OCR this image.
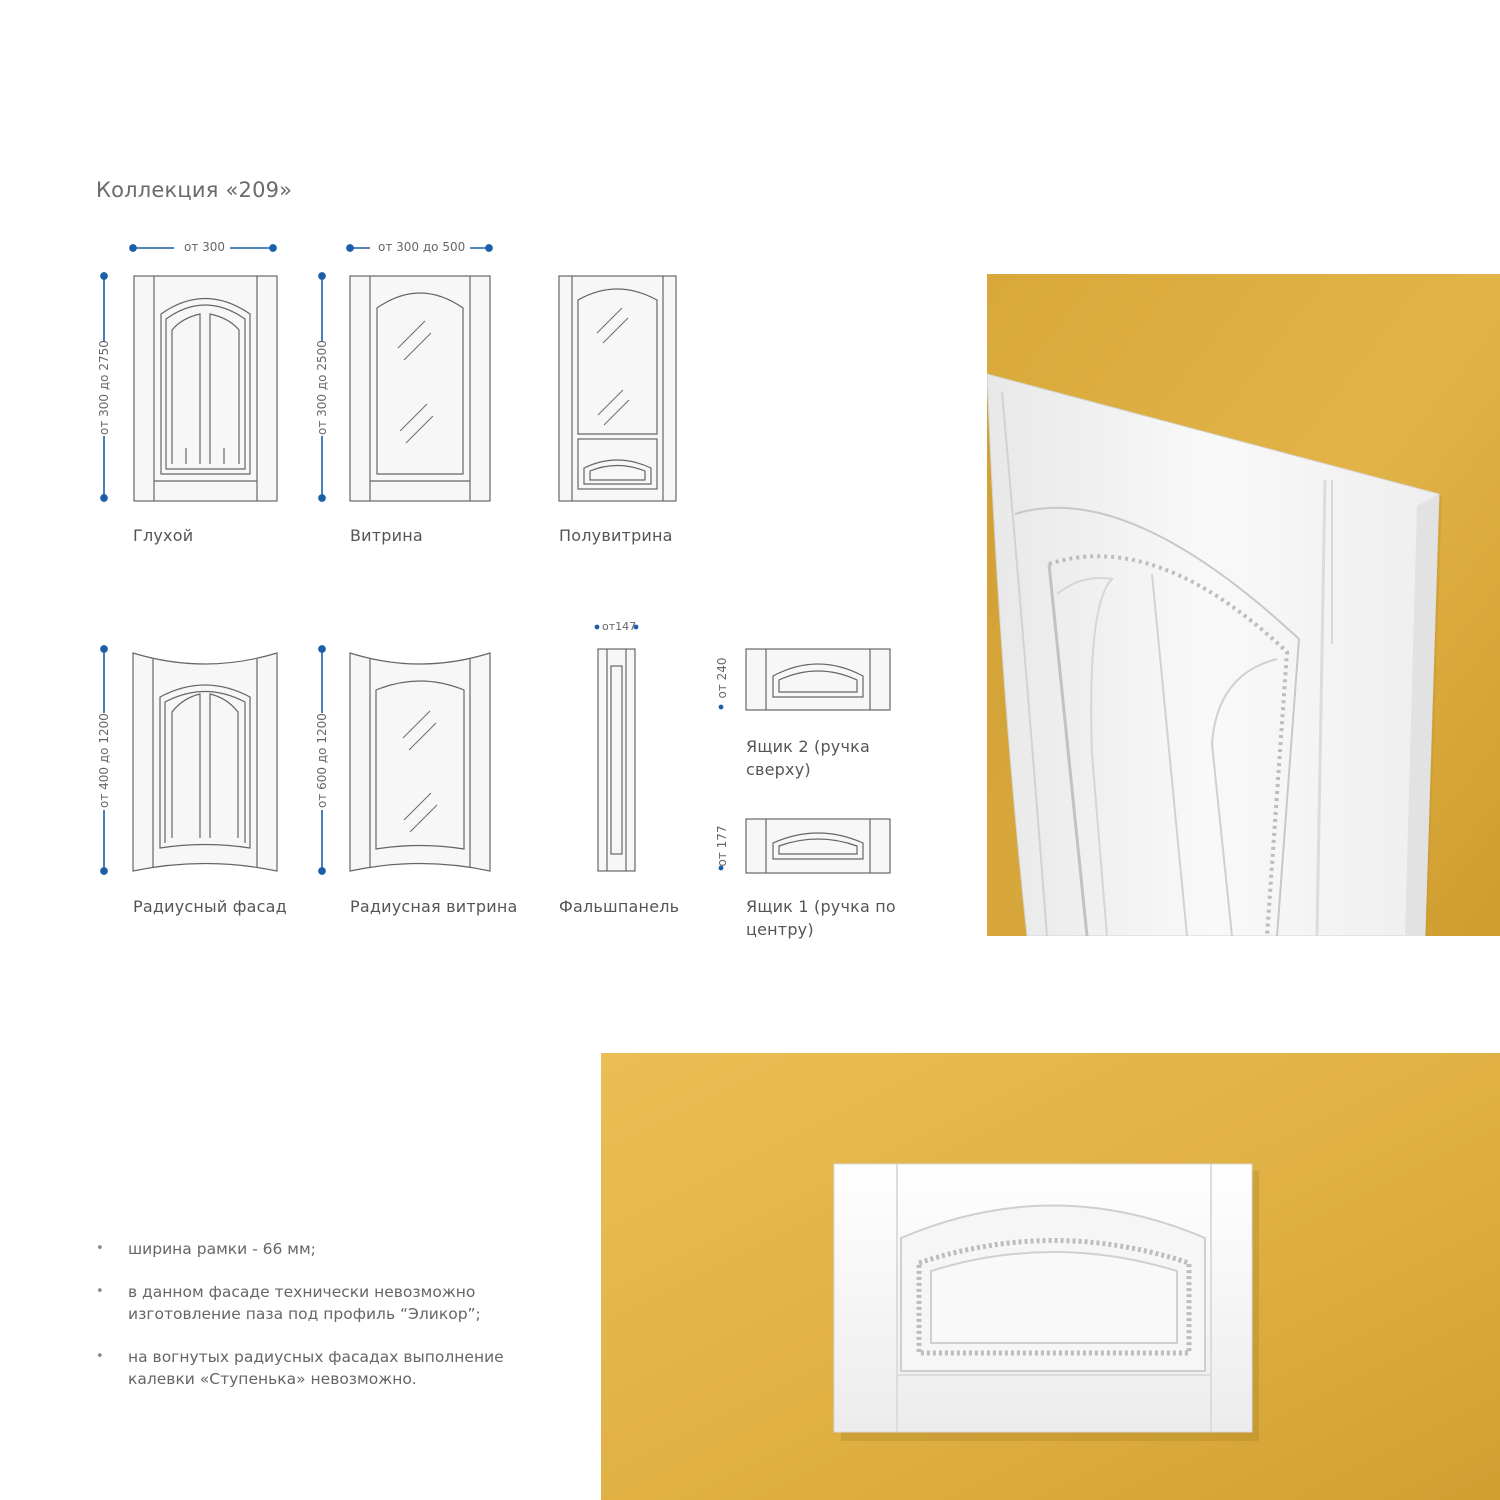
Коллекция «209»
от 300	от 300 до 500
от 300 до 2750	от 300 до 2500
от 400 до 1200	от 600 до 1200
от147
от 240
от 177
Глухой	Витрина	Полувитрина
Радиусный фасад	Радиусная витрина	Фальшпанель
Ящик 2 (ручка сверху)
Ящик 1 (ручка по центру)
• ширина рамки - 66 мм;
• в данном фасаде технически невозможно изготовление паза под профиль “Эликор”;
• на вогнутых радиусных фасадах выполнение калевки «Ступенька» невозможно.
